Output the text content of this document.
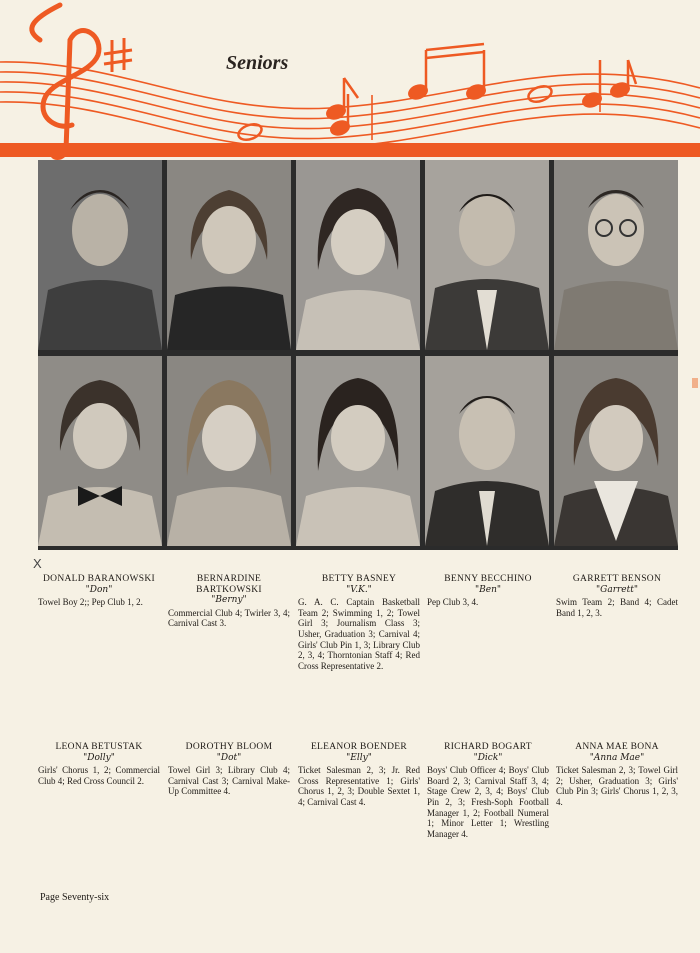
Seniors
X
DONALD BARANOWSKI
"Don"
Towel Boy 2;; Pep Club 1, 2.
BERNARDINE BARTKOWSKI
"Berny"
Commercial Club 4; Twirler 3, 4; Carnival Cast 3.
BETTY BASNEY
"V.K."
G. A. C. Captain Basketball Team 2; Swimming 1, 2; Towel Girl 3; Journalism Class 3; Usher, Graduation 3; Carnival 4; Girls' Club Pin 1, 3; Library Club 2, 3, 4; Thorntonian Staff 4; Red Cross Representative 2.
BENNY BECCHINO
"Ben"
Pep Club 3, 4.
GARRETT BENSON
"Garrett"
Swim Team 2; Band 4; Cadet Band 1, 2, 3.
LEONA BETUSTAK
"Dolly"
Girls' Chorus 1, 2; Commercial Club 4; Red Cross Council 2.
DOROTHY BLOOM
"Dot"
Towel Girl 3; Library Club 4; Carnival Cast 3; Carnival Make-Up Committee 4.
ELEANOR BOENDER
"Elly"
Ticket Salesman 2, 3; Jr. Red Cross Representative 1; Girls' Chorus 1, 2, 3; Double Sextet 1, 4; Carnival Cast 4.
RICHARD BOGART
"Dick"
Boys' Club Officer 4; Boys' Club Board 2, 3; Carnival Staff 3, 4; Stage Crew 2, 3, 4; Boys' Club Pin 2, 3; Fresh-Soph Football Manager 1, 2; Football Numeral 1; Minor Letter 1; Wrestling Manager 4.
ANNA MAE BONA
"Anna Mae"
Ticket Salesman 2, 3; Towel Girl 2; Usher, Graduation 3; Girls' Club Pin 3; Girls' Chorus 1, 2, 3, 4.
Page Seventy-six
